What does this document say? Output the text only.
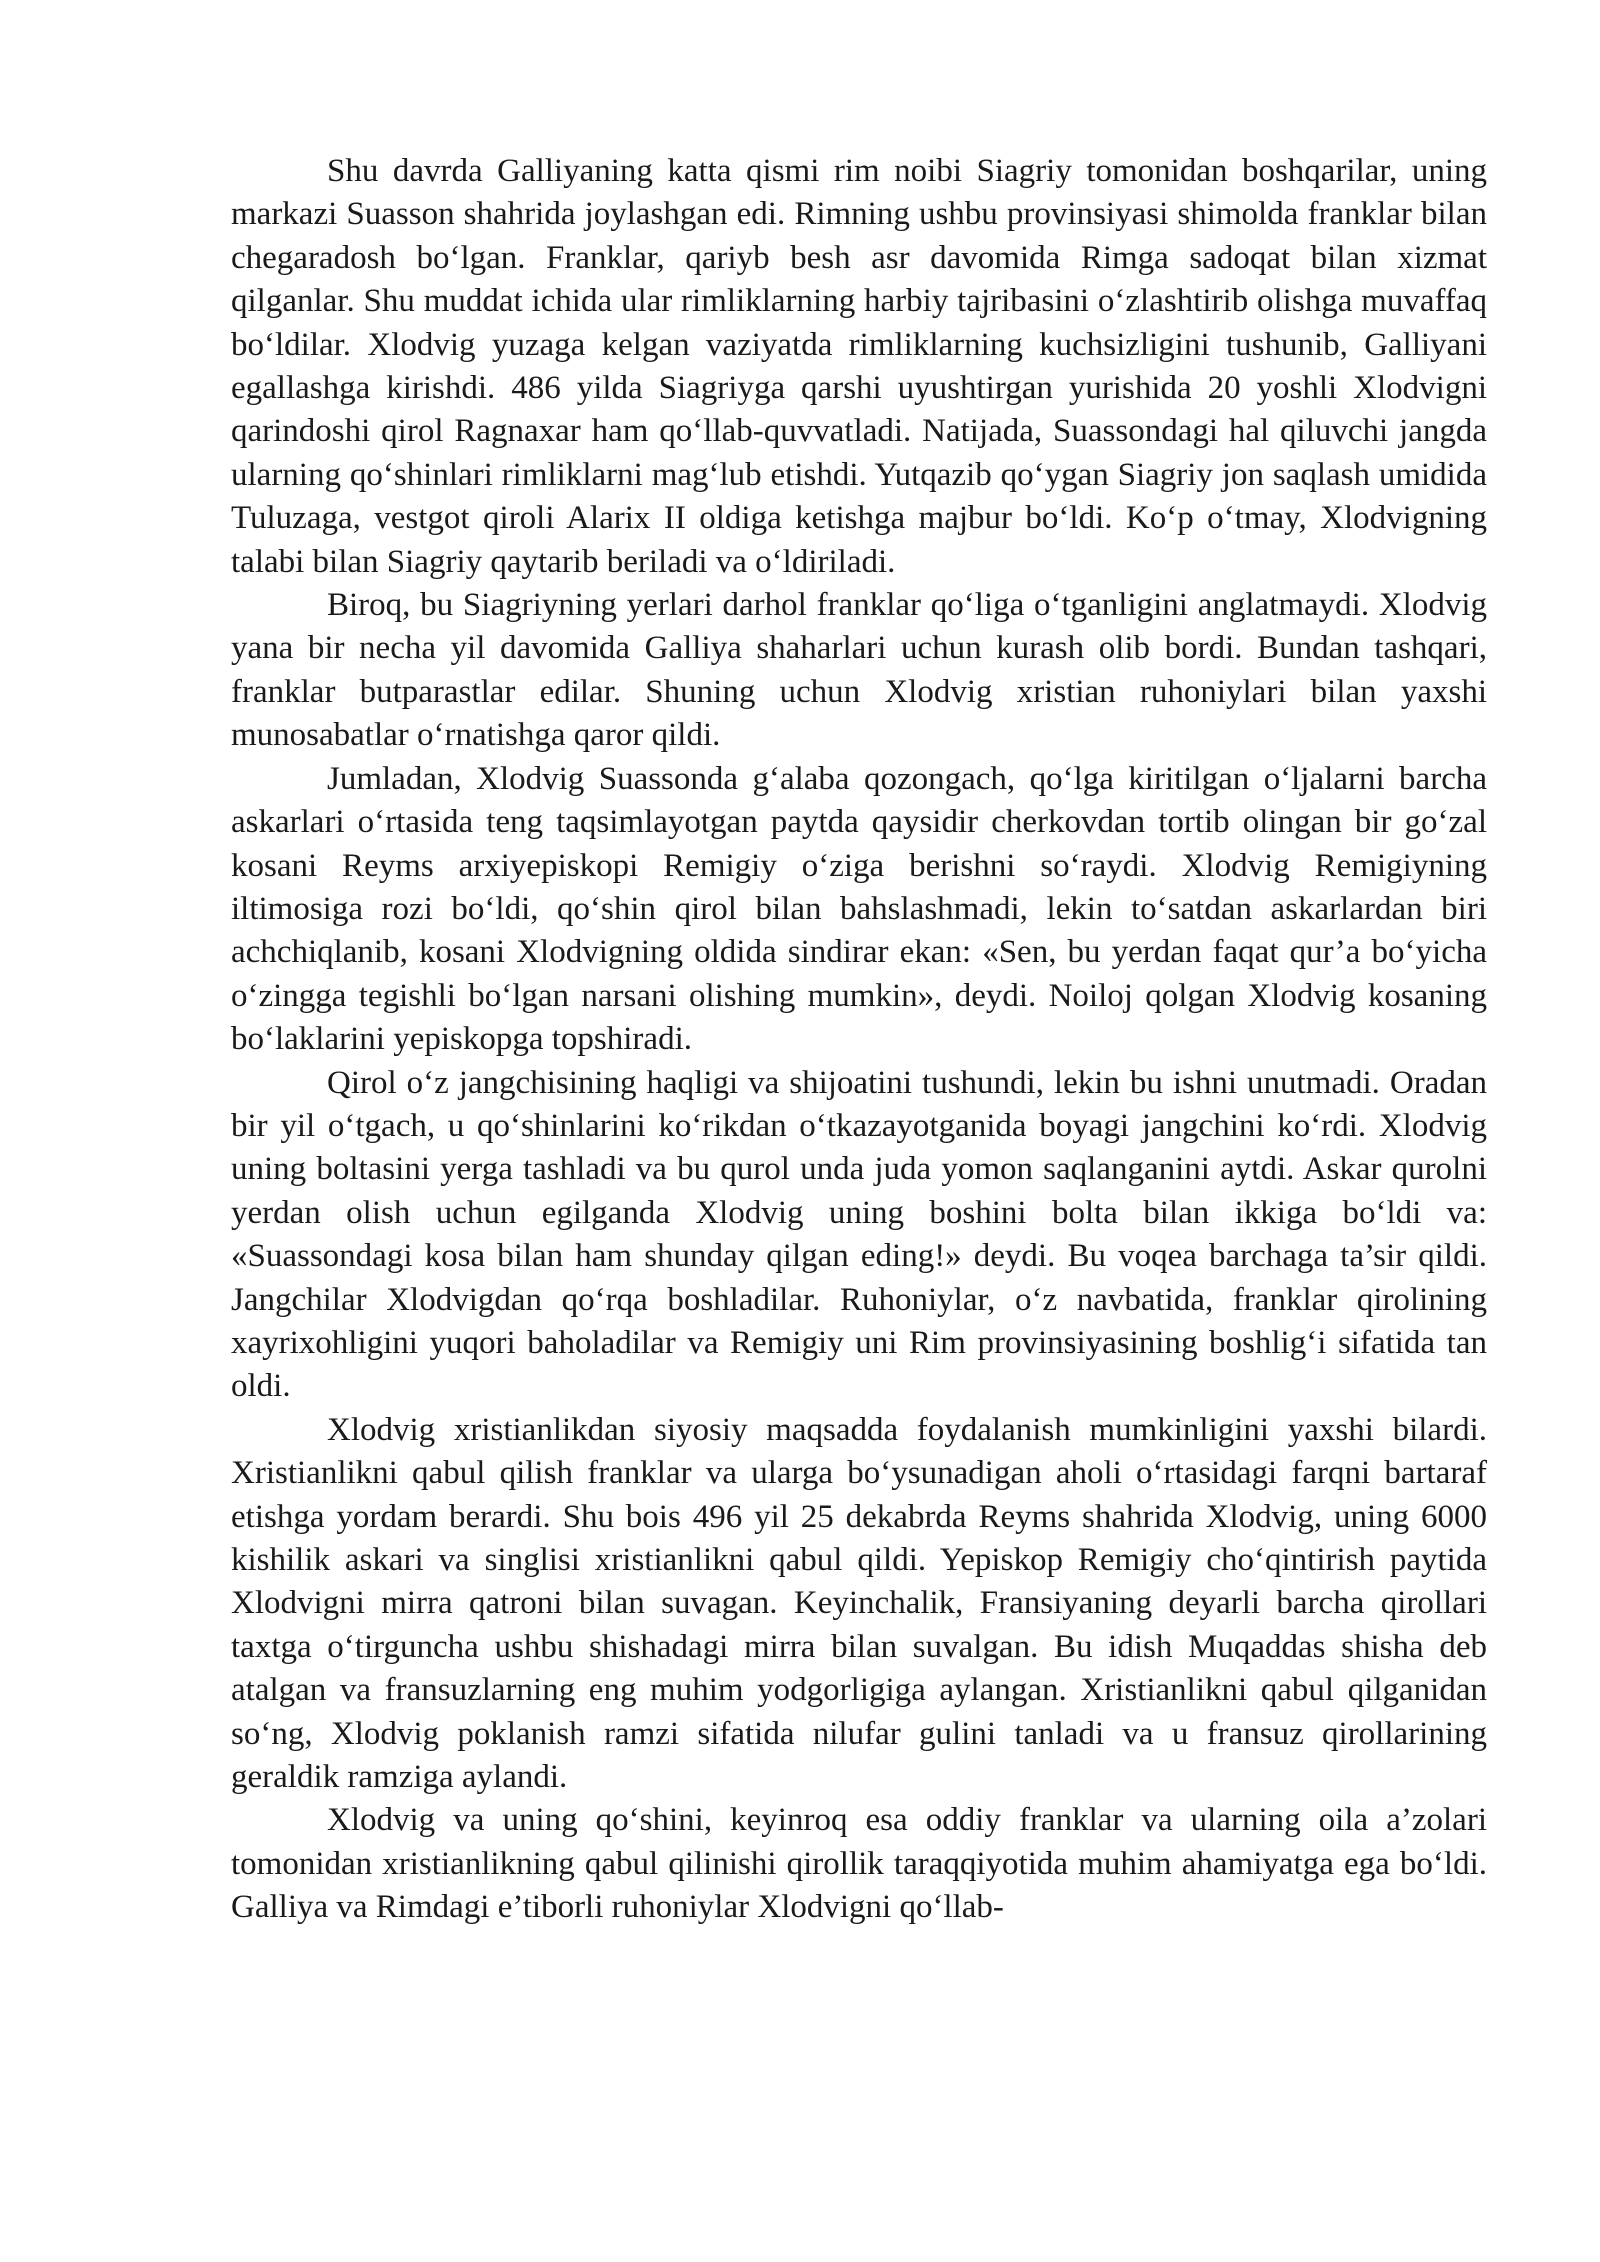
Shu davrda Galliyaning katta qismi rim noibi Siagriy tomonidan boshqarilar, uning markazi Suasson shahrida joylashgan edi. Rimning ushbu provinsiyasi shimolda franklar bilan chegaradosh bo‘lgan. Franklar, qariyb besh asr davomida Rimga sadoqat bilan xizmat qilganlar. Shu muddat ichida ular rimliklarning harbiy tajribasini o‘zlashtirib olishga muvaffaq bo‘ldilar. Xlodvig yuzaga kelgan vaziyatda rimliklarning kuchsizligini tushunib, Galliyani egallashga kirishdi. 486 yilda Siagriyga qarshi uyushtirgan yurishida 20 yoshli Xlodvigni qarindoshi qirol Ragnaxar ham qo‘llab-quvvatladi. Natijada, Suassondagi hal qiluvchi jangda ularning qo‘shinlari rimliklarni mag‘lub etishdi. Yutqazib qo‘ygan Siagriy jon saqlash umidida Tuluzaga, vestgot qiroli Alarix II oldiga ketishga majbur bo‘ldi. Ko‘p o‘tmay, Xlodvigning talabi bilan Siagriy qaytarib beriladi va o‘ldiriladi.

Biroq, bu Siagriyning yerlari darhol franklar qo‘liga o‘tganligini anglatmaydi. Xlodvig yana bir necha yil davomida Galliya shaharlari uchun kurash olib bordi. Bundan tashqari, franklar butparastlar edilar. Shuning uchun Xlodvig xristian ruhoniylari bilan yaxshi munosabatlar o‘rnatishga qaror qildi.

Jumladan, Xlodvig Suassonda g‘alaba qozongach, qo‘lga kiritilgan o‘ljalarni barcha askarlari o‘rtasida teng taqsimlayotgan paytda qaysidir cherkovdan tortib olingan bir go‘zal kosani Reyms arxiyepiskopi Remigiy o‘ziga berishni so‘raydi. Xlodvig Remigiyning iltimosiga rozi bo‘ldi, qo‘shin qirol bilan bahslashmadi, lekin to‘satdan askarlardan biri achchiqlanib, kosani Xlodvigning oldida sindirar ekan: «Sen, bu yerdan faqat qur’a bo‘yicha o‘zingga tegishli bo‘lgan narsani olishing mumkin», deydi. Noiloj qolgan Xlodvig kosaning bo‘laklarini yepiskopga topshiradi.

Qirol o‘z jangchisining haqligi va shijoatini tushundi, lekin bu ishni unutmadi. Oradan bir yil o‘tgach, u qo‘shinlarini ko‘rikdan o‘tkazayotganida boyagi jangchini ko‘rdi. Xlodvig uning boltasini yerga tashladi va bu qurol unda juda yomon saqlanganini aytdi. Askar qurolni yerdan olish uchun egilganda Xlodvig uning boshini bolta bilan ikkiga bo‘ldi va: «Suassondagi kosa bilan ham shunday qilgan eding!» deydi. Bu voqea barchaga ta’sir qildi. Jangchilar Xlodvigdan qo‘rqa boshladilar. Ruhoniylar, o‘z navbatida, franklar qirolining xayrixohligini yuqori baholadilar va Remigiy uni Rim provinsiyasining boshlig‘i sifatida tan oldi.

Xlodvig xristianlikdan siyosiy maqsadda foydalanish mumkinligini yaxshi bilardi. Xristianlikni qabul qilish franklar va ularga bo‘ysunadigan aholi o‘rtasidagi farqni bartaraf etishga yordam berardi. Shu bois 496 yil 25 dekabrda Reyms shahrida Xlodvig, uning 6000 kishilik askari va singlisi xristianlikni qabul qildi. Yepiskop Remigiy cho‘qintirish paytida Xlodvigni mirra qatroni bilan suvagan. Keyinchalik, Fransiyaning deyarli barcha qirollari taxtga o‘tirguncha ushbu shishadagi mirra bilan suvalgan. Bu idish Muqaddas shisha deb atalgan va fransuzlarning eng muhim yodgorligiga aylangan. Xristianlikni qabul qilganidan so‘ng, Xlodvig poklanish ramzi sifatida nilufar gulini tanladi va u fransuz qirollarining geraldik ramziga aylandi.

Xlodvig va uning qo‘shini, keyinroq esa oddiy franklar va ularning oila a’zolari tomonidan xristianlikning qabul qilinishi qirollik taraqqiyotida muhim ahamiyatga ega bo‘ldi. Galliya va Rimdagi e’tiborli ruhoniylar Xlodvigni qo‘llab-
